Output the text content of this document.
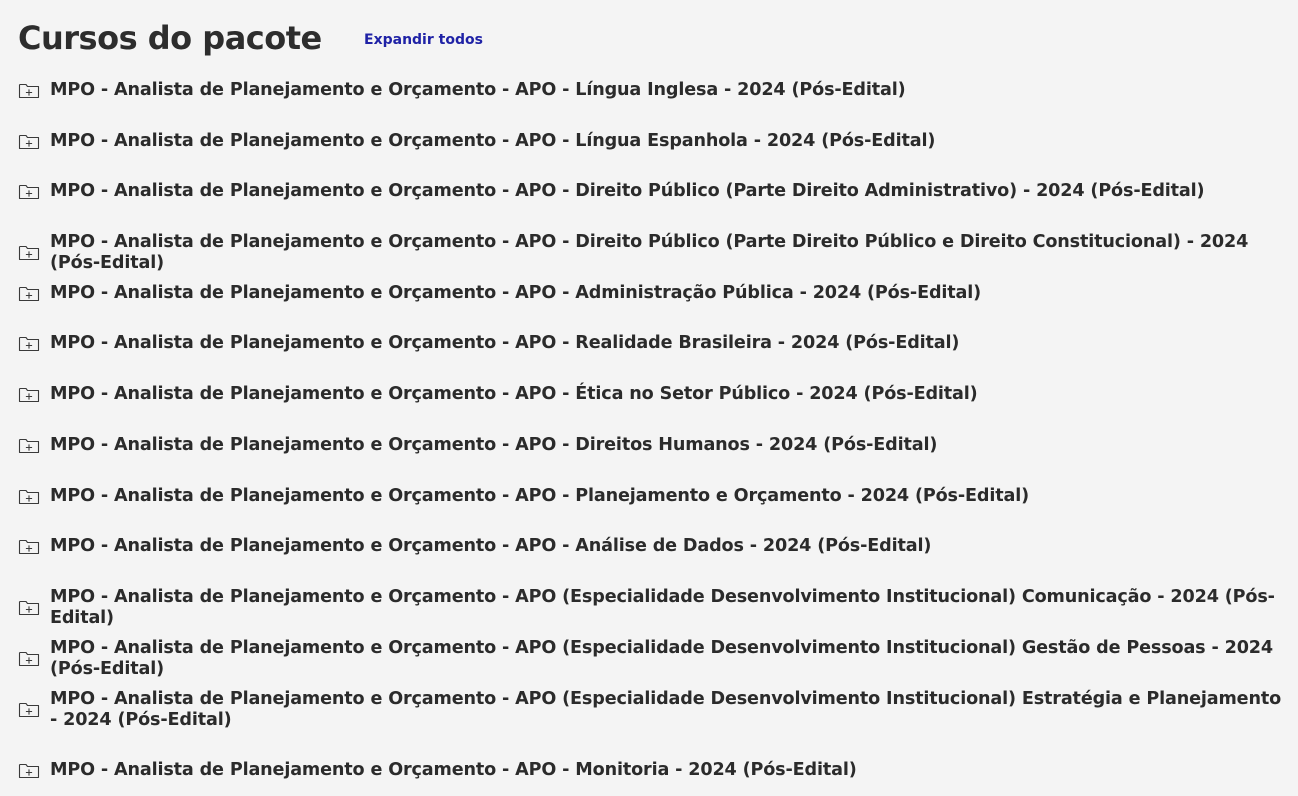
Cursos do pacote	Expandir todos
MPO - Analista de Planejamento e Orçamento - APO - Língua Inglesa - 2024 (Pós-Edital)
MPO - Analista de Planejamento e Orçamento - APO - Língua Espanhola - 2024 (Pós-Edital)
MPO - Analista de Planejamento e Orçamento - APO - Direito Público (Parte Direito Administrativo) - 2024 (Pós-Edital)
MPO - Analista de Planejamento e Orçamento - APO - Direito Público (Parte Direito Público e Direito Constitucional) - 2024 (Pós-Edital)
MPO - Analista de Planejamento e Orçamento - APO - Administração Pública - 2024 (Pós-Edital)
MPO - Analista de Planejamento e Orçamento - APO - Realidade Brasileira - 2024 (Pós-Edital)
MPO - Analista de Planejamento e Orçamento - APO - Ética no Setor Público - 2024 (Pós-Edital)
MPO - Analista de Planejamento e Orçamento - APO - Direitos Humanos - 2024 (Pós-Edital)
MPO - Analista de Planejamento e Orçamento - APO - Planejamento e Orçamento - 2024 (Pós-Edital)
MPO - Analista de Planejamento e Orçamento - APO - Análise de Dados - 2024 (Pós-Edital)
MPO - Analista de Planejamento e Orçamento - APO (Especialidade Desenvolvimento Institucional) Comunicação - 2024 (Pós-Edital)
MPO - Analista de Planejamento e Orçamento - APO (Especialidade Desenvolvimento Institucional) Gestão de Pessoas - 2024 (Pós-Edital)
MPO - Analista de Planejamento e Orçamento - APO (Especialidade Desenvolvimento Institucional) Estratégia e Planejamento - 2024 (Pós-Edital)
MPO - Analista de Planejamento e Orçamento - APO - Monitoria - 2024 (Pós-Edital)
